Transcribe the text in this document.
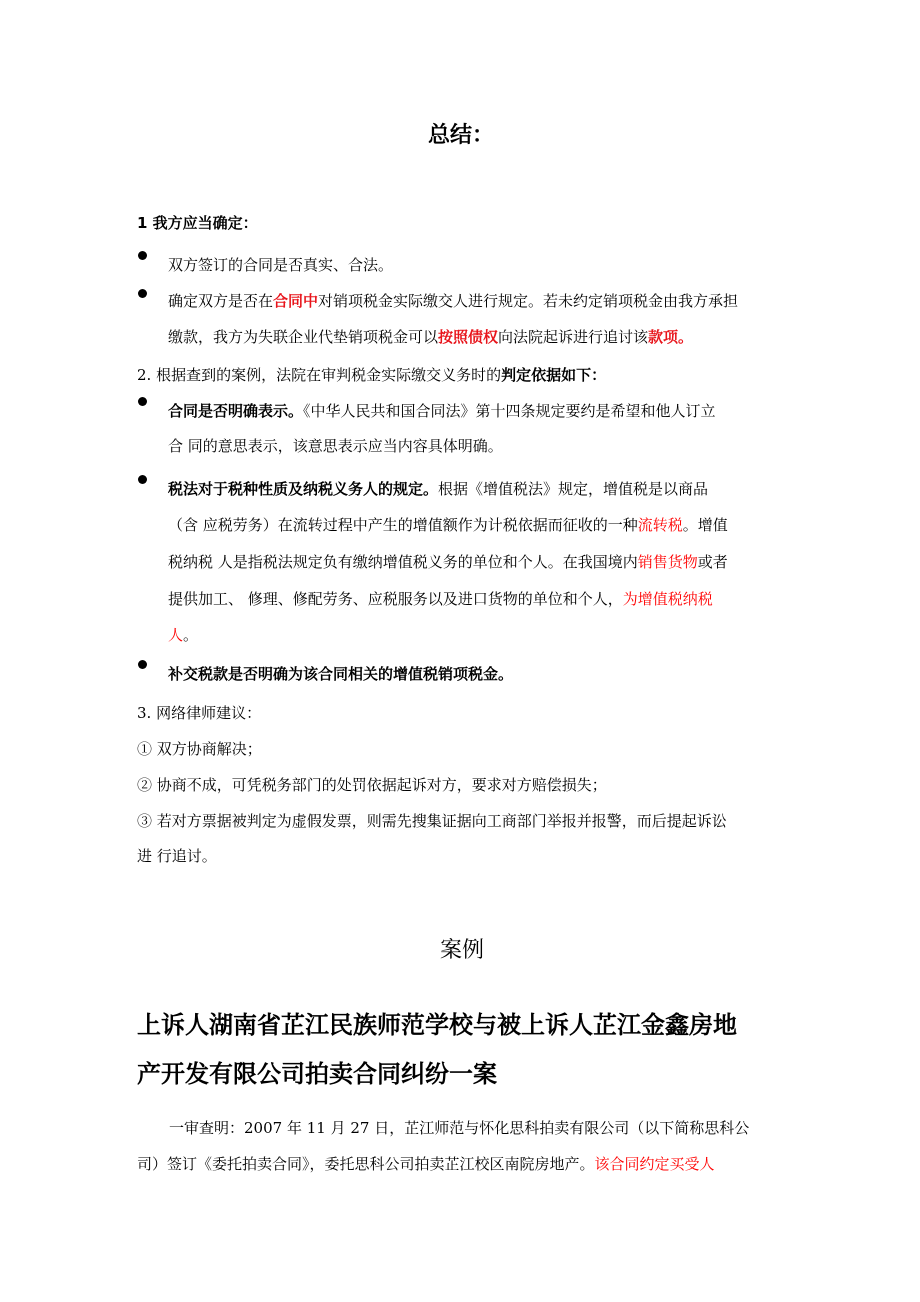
总结：
1 我方应当确定：
双方签订的合同是否真实、合法。
确定双方是否在合同中对销项税金实际缴交人进行规定。若未约定销项税金由我方承担
缴款，我方为失联企业代垫销项税金可以按照债权向法院起诉进行追讨该款项。
2. 根据查到的案例，法院在审判税金实际缴交义务时的判定依据如下：
合同是否明确表示。《中华人民共和国合同法》第十四条规定要约是希望和他人订立
合 同的意思表示，该意思表示应当内容具体明确。
税法对于税种性质及纳税义务人的规定。根据《增值税法》规定，增值税是以商品
（含 应税劳务）在流转过程中产生的增值额作为计税依据而征收的一种流转税。增值
税纳税 人是指税法规定负有缴纳增值税义务的单位和个人。在我国境内销售货物或者
提供加工、 修理、修配劳务、应税服务以及进口货物的单位和个人，为增值税纳税
人。
补交税款是否明确为该合同相关的增值税销项税金。
3. 网络律师建议：
① 双方协商解决；
② 协商不成，可凭税务部门的处罚依据起诉对方，要求对方赔偿损失；
③ 若对方票据被判定为虚假发票，则需先搜集证据向工商部门举报并报警，而后提起诉讼
进 行追讨。
案例
上诉人湖南省芷江民族师范学校与被上诉人芷江金鑫房地
产开发有限公司拍卖合同纠纷一案
一审查明：2007 年 11 月 27 日，芷江师范与怀化思科拍卖有限公司（以下简称思科公
司）签订《委托拍卖合同》，委托思科公司拍卖芷江校区南院房地产。该合同约定买受人
